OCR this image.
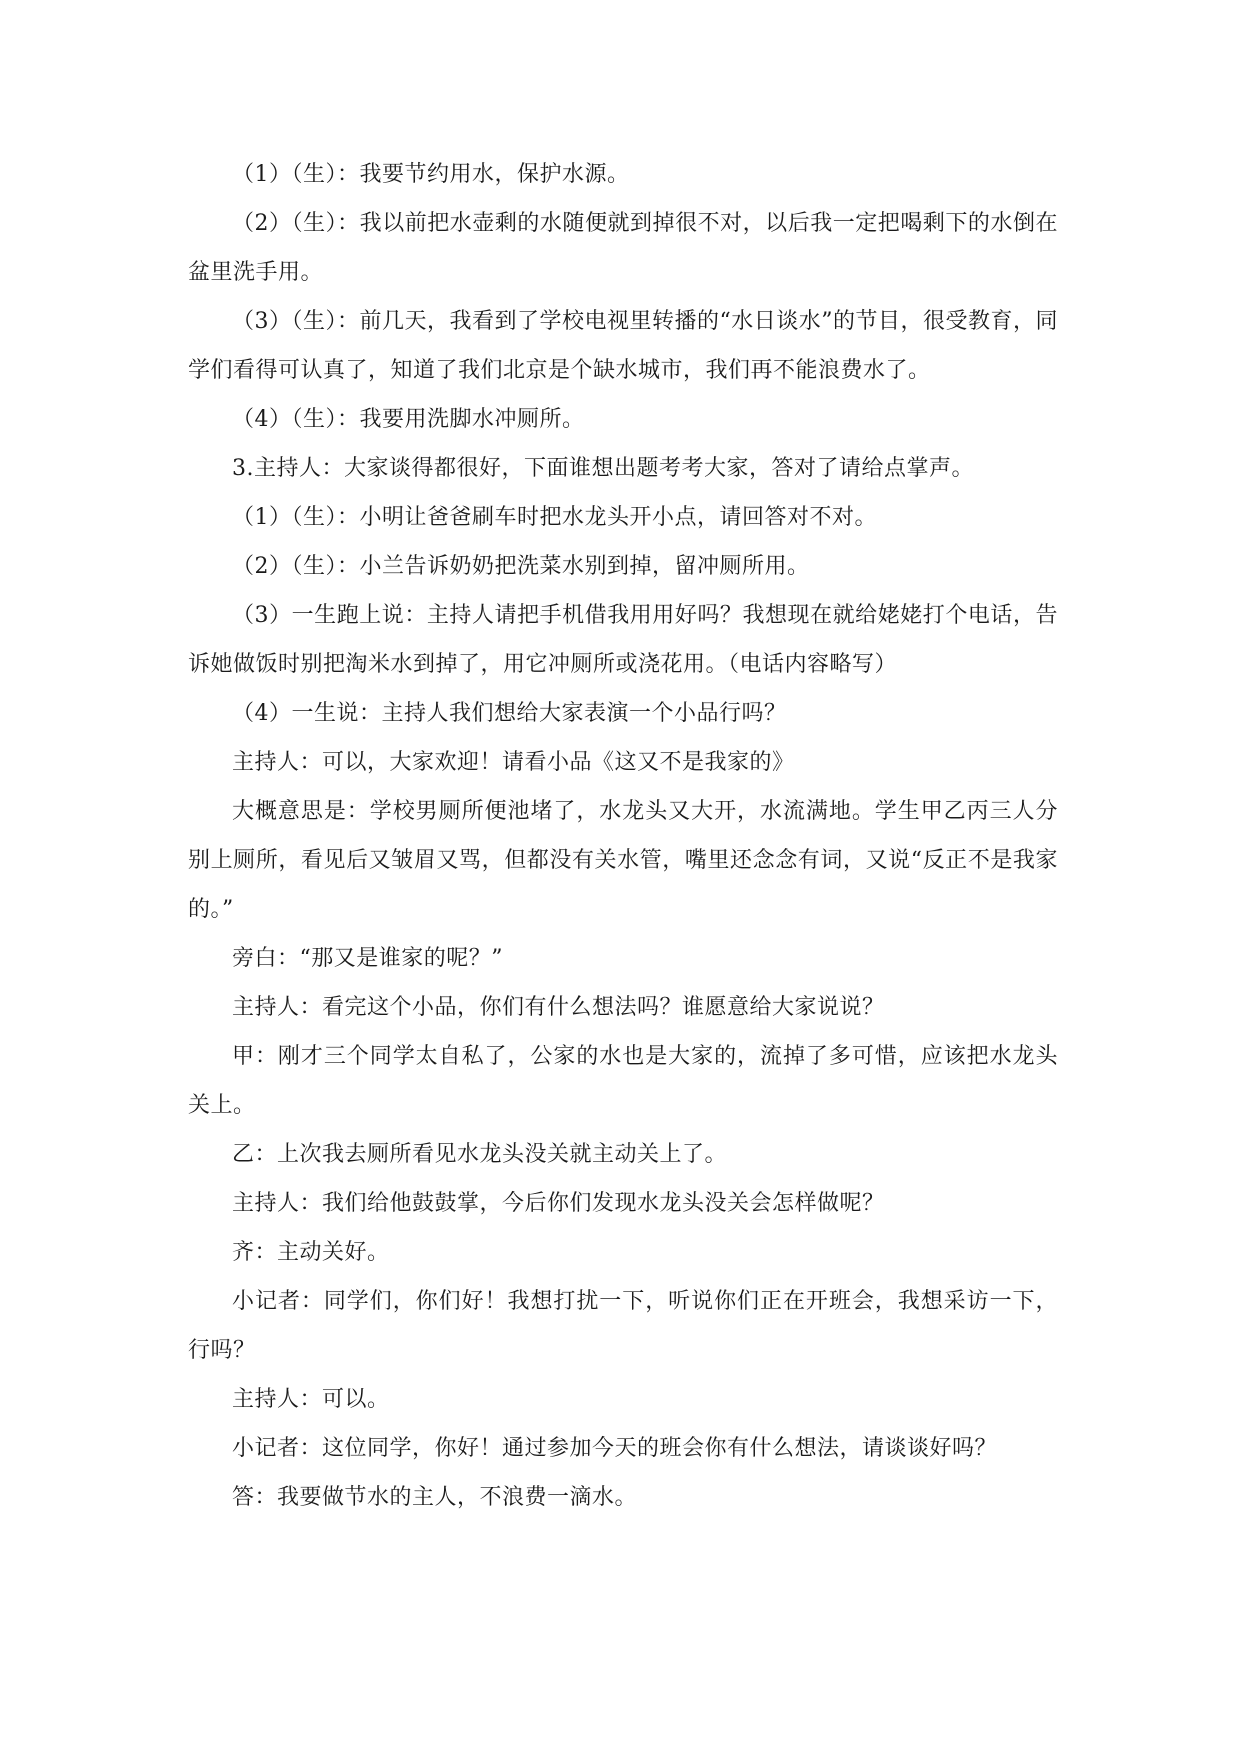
（1）（生）：我要节约用水，保护水源。

（2）（生）：我以前把水壶剩的水随便就到掉很不对，以后我一定把喝剩下的水倒在盆里洗手用。

（3）（生）：前几天，我看到了学校电视里转播的“水日谈水”的节目，很受教育，同学们看得可认真了，知道了我们北京是个缺水城市，我们再不能浪费水了。

（4）（生）：我要用洗脚水冲厕所。

3.主持人：大家谈得都很好，下面谁想出题考考大家，答对了请给点掌声。

（1）（生）：小明让爸爸刷车时把水龙头开小点，请回答对不对。

（2）（生）：小兰告诉奶奶把洗菜水别到掉，留冲厕所用。

（3）一生跑上说：主持人请把手机借我用用好吗？我想现在就给姥姥打个电话，告诉她做饭时别把淘米水到掉了，用它冲厕所或浇花用。（电话内容略写）

（4）一生说：主持人我们想给大家表演一个小品行吗？

主持人：可以，大家欢迎！请看小品《这又不是我家的》

大概意思是：学校男厕所便池堵了，水龙头又大开，水流满地。学生甲乙丙三人分别上厕所，看见后又皱眉又骂，但都没有关水管，嘴里还念念有词，又说“反正不是我家的。”

旁白：“那又是谁家的呢？”

主持人：看完这个小品，你们有什么想法吗？谁愿意给大家说说？

甲：刚才三个同学太自私了，公家的水也是大家的，流掉了多可惜，应该把水龙头关上。

乙：上次我去厕所看见水龙头没关就主动关上了。

主持人：我们给他鼓鼓掌，今后你们发现水龙头没关会怎样做呢？

齐：主动关好。

小记者：同学们，你们好！我想打扰一下，听说你们正在开班会，我想采访一下，行吗？

主持人：可以。

小记者：这位同学，你好！通过参加今天的班会你有什么想法，请谈谈好吗？

答：我要做节水的主人，不浪费一滴水。
